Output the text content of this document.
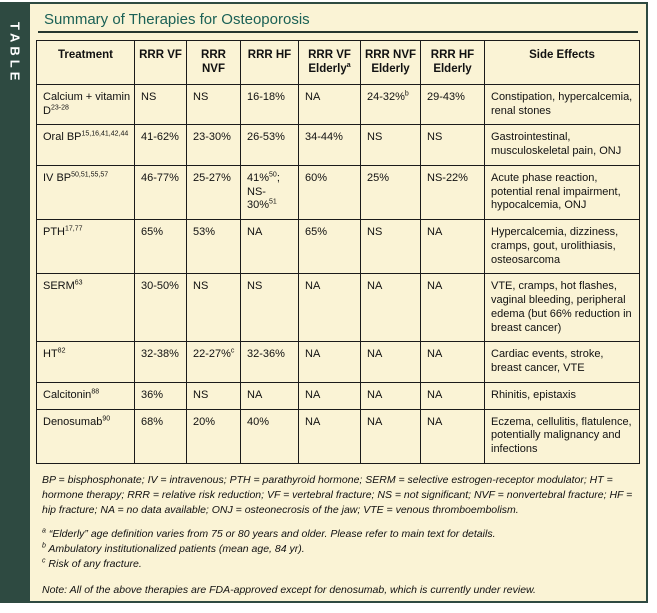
TABLE
Summary of Therapies for Osteoporosis
Treatment	RRR VF	RRR NVF	RRR HF	RRR VF Elderly$^a$	RRR NVF Elderly	RRR HF Elderly	Side Effects
Calcium + vitamin $D^{23-28}$	NS	NS	16-18%	NA	24-32%$^b$	29-43%	Constipation, hypercalcemia, renal stones
Oral BP$^{15,16,41,42,44}$	41-62%	23-30%	26-53%	34-44%	NS	NS	Gastrointestinal, musculoskeletal pain, ONJ
IV BP$^{50,51,55,57}$	46-77%	25-27%	41%$^{50}$; NS-30%$^{51}$	60%	25%	NS-22%	Acute phase reaction, potential renal impairment, hypocalcemia, ONJ
PTH$^{17,77}$	65%	53%	NA	65%	NS	NA	Hypercalcemia, dizziness, cramps, gout, urolithiasis, osteosarcoma
SERM$^{63}$	30-50%	NS	NS	NA	NA	NA	VTE, cramps, hot flashes, vaginal bleeding, peripheral edema (but 66% reduction in breast cancer)
HT$^{82}$	32-38%	22-27%$^c$	32-36%	NA	NA	NA	Cardiac events, stroke, breast cancer, VTE
Calcitonin$^{88}$	36%	NS	NA	NA	NA	NA	Rhinitis, epistaxis
Denosumab$^{90}$	68%	20%	40%	NA	NA	NA	Eczema, cellulitis, flatulence, potentially malignancy and infections
BP = bisphosphonate; IV = intravenous; PTH = parathyroid hormone; SERM = selective estrogen-receptor modulator; HT = hormone therapy; RRR = relative risk reduction; VF = vertebral fracture; NS = not significant; NVF = nonvertebral fracture; HF = hip fracture; NA = no data available; ONJ = osteonecrosis of the jaw; VTE = venous thromboembolism.
$^a$ “Elderly” age definition varies from 75 or 80 years and older. Please refer to main text for details.
$^b$ Ambulatory institutionalized patients (mean age, 84 yr).
$^c$ Risk of any fracture.
Note: All of the above therapies are FDA-approved except for denosumab, which is currently under review.
